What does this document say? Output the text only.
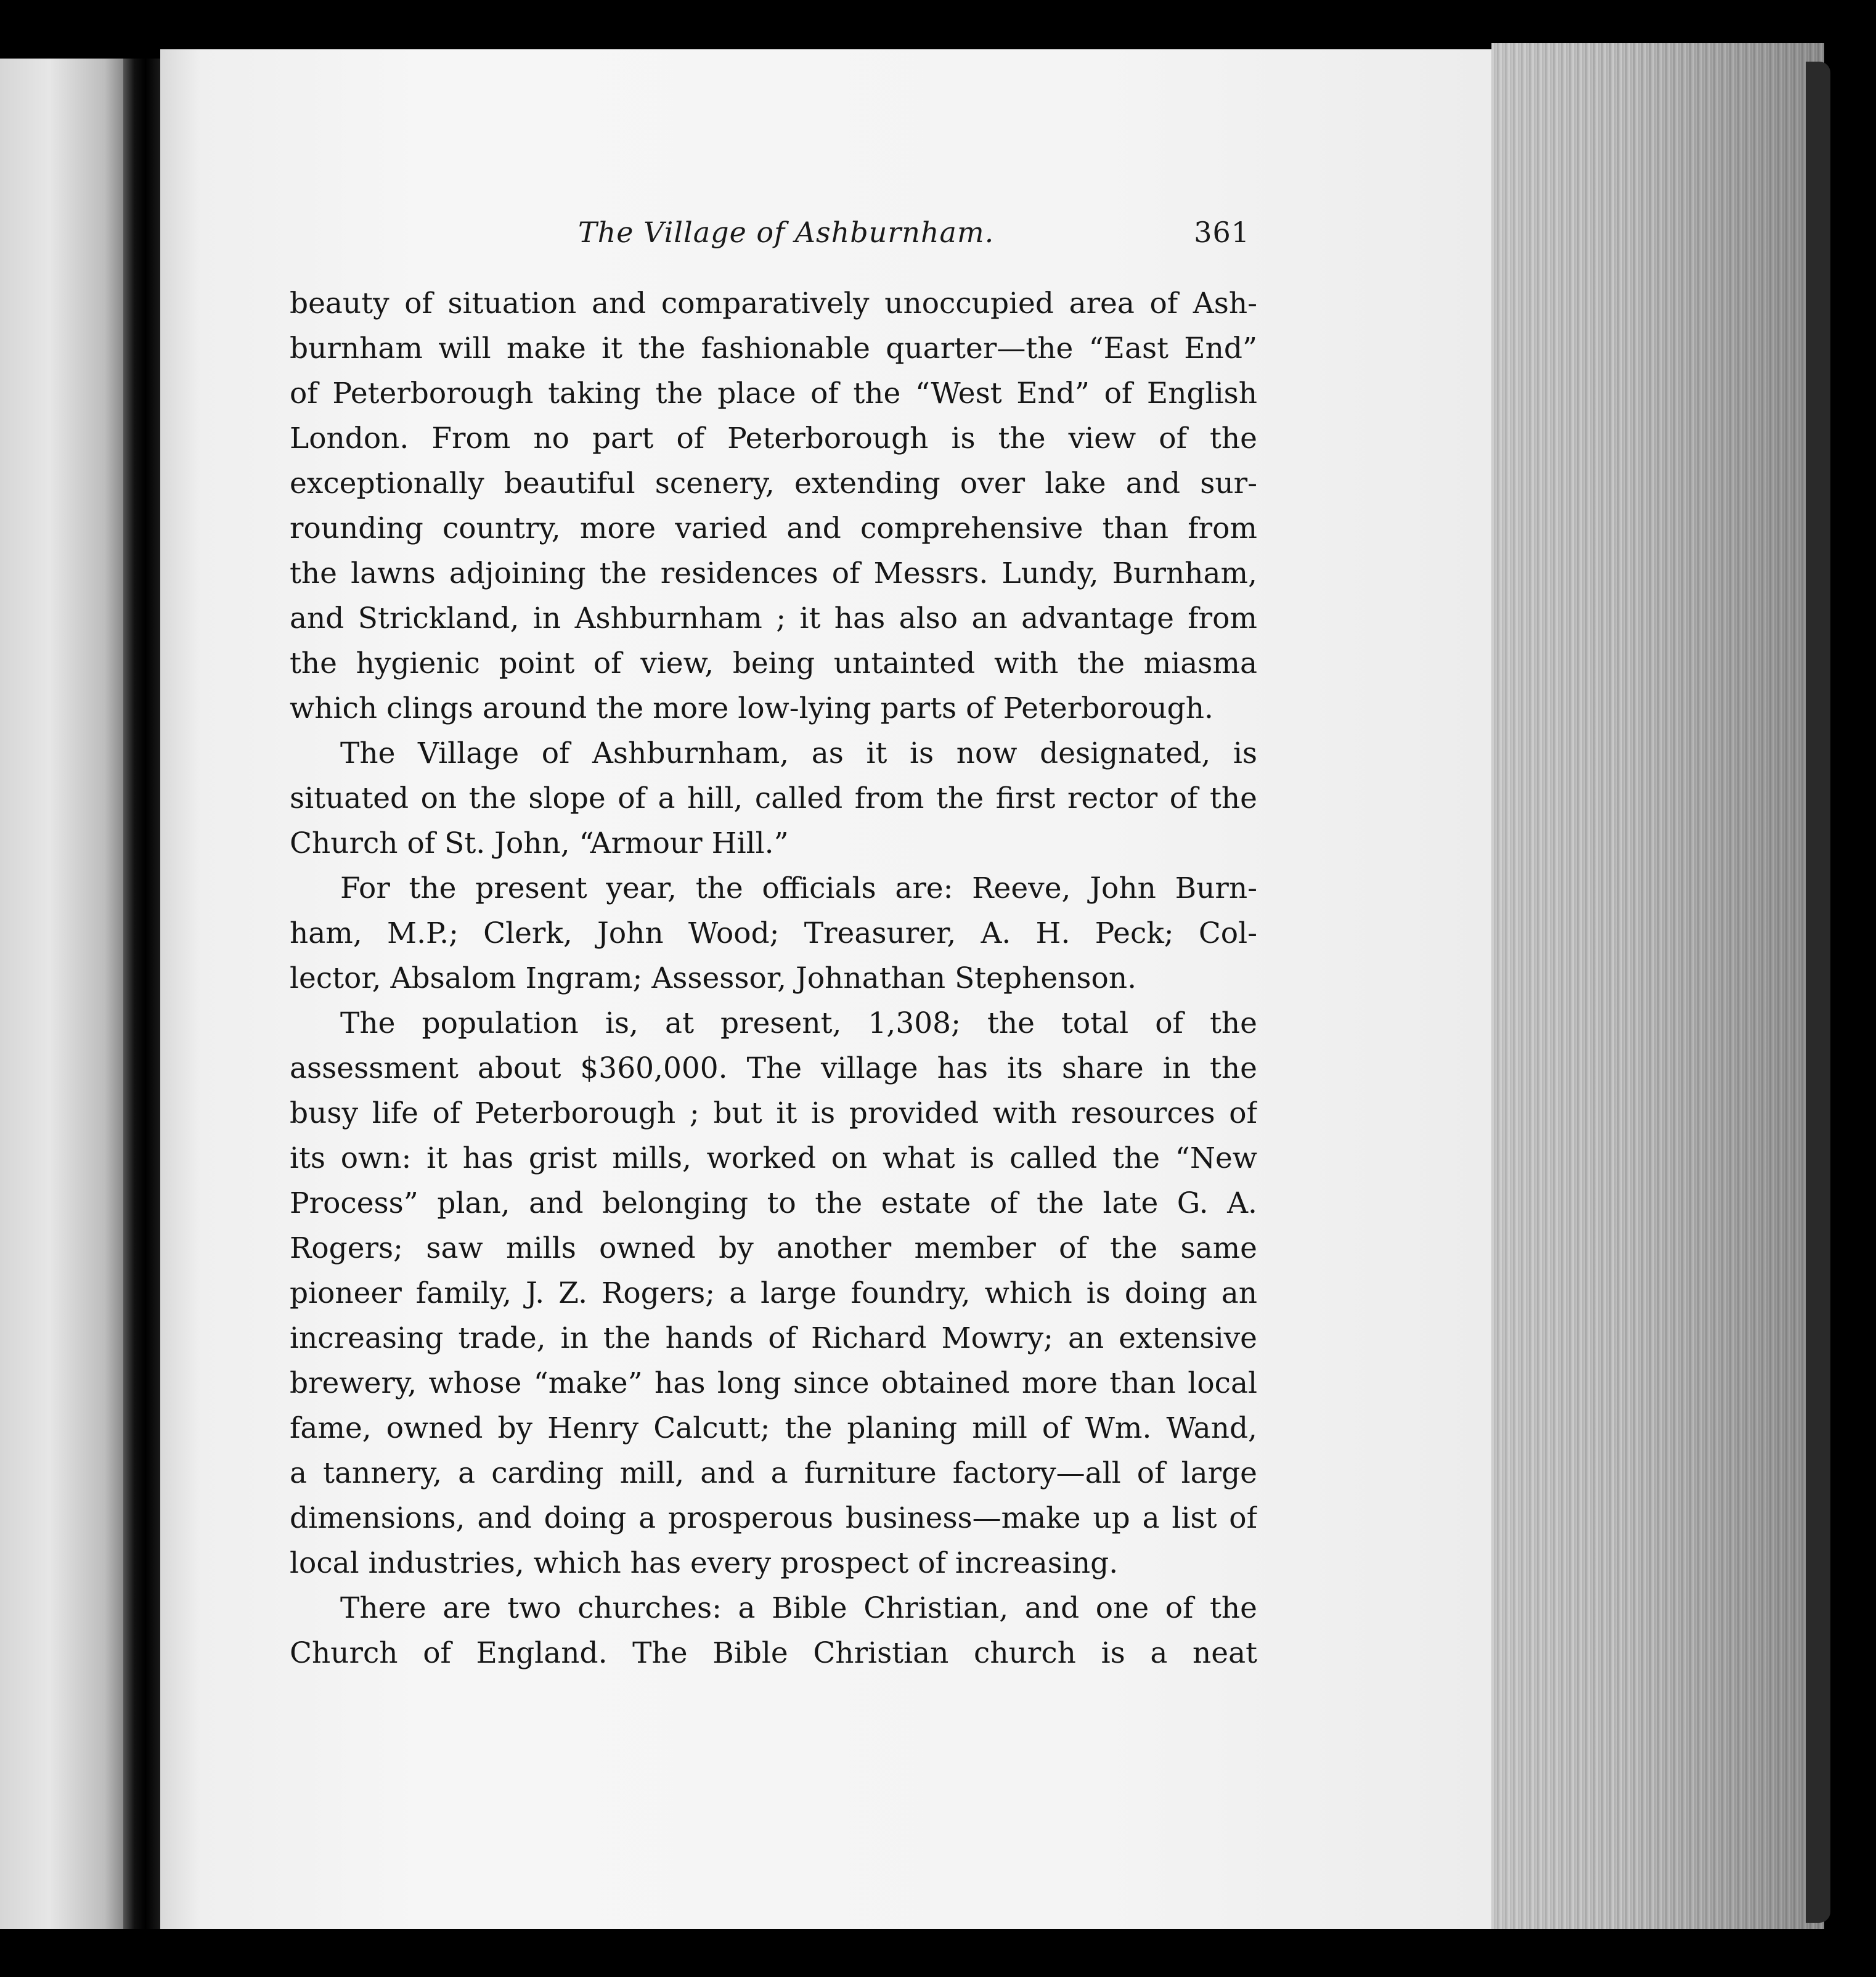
The Village of Ashburnham.	361
beauty of situation and comparatively unoccupied area of Ash-
burnham will make it the fashionable quarter—the “East End”
of Peterborough taking the place of the “West End” of English
London. From no part of Peterborough is the view of the
exceptionally beautiful scenery, extending over lake and sur-
rounding country, more varied and comprehensive than from
the lawns adjoining the residences of Messrs. Lundy, Burnham,
and Strickland, in Ashburnham ; it has also an advantage from
the hygienic point of view, being untainted with the miasma
which clings around the more low-lying parts of Peterborough.
The Village of Ashburnham, as it is now designated, is
situated on the slope of a hill, called from the first rector of the
Church of St. John, “Armour Hill.”
For the present year, the officials are: Reeve, John Burn-
ham, M.P.; Clerk, John Wood; Treasurer, A. H. Peck; Col-
lector, Absalom Ingram; Assessor, Johnathan Stephenson.
The population is, at present, 1,308; the total of the
assessment about $360,000. The village has its share in the
busy life of Peterborough ; but it is provided with resources of
its own: it has grist mills, worked on what is called the “New
Process” plan, and belonging to the estate of the late G. A.
Rogers; saw mills owned by another member of the same
pioneer family, J. Z. Rogers; a large foundry, which is doing an
increasing trade, in the hands of Richard Mowry; an extensive
brewery, whose “make” has long since obtained more than local
fame, owned by Henry Calcutt; the planing mill of Wm. Wand,
a tannery, a carding mill, and a furniture factory—all of large
dimensions, and doing a prosperous business—make up a list of
local industries, which has every prospect of increasing.
There are two churches: a Bible Christian, and one of the
Church of England. The Bible Christian church is a neat
